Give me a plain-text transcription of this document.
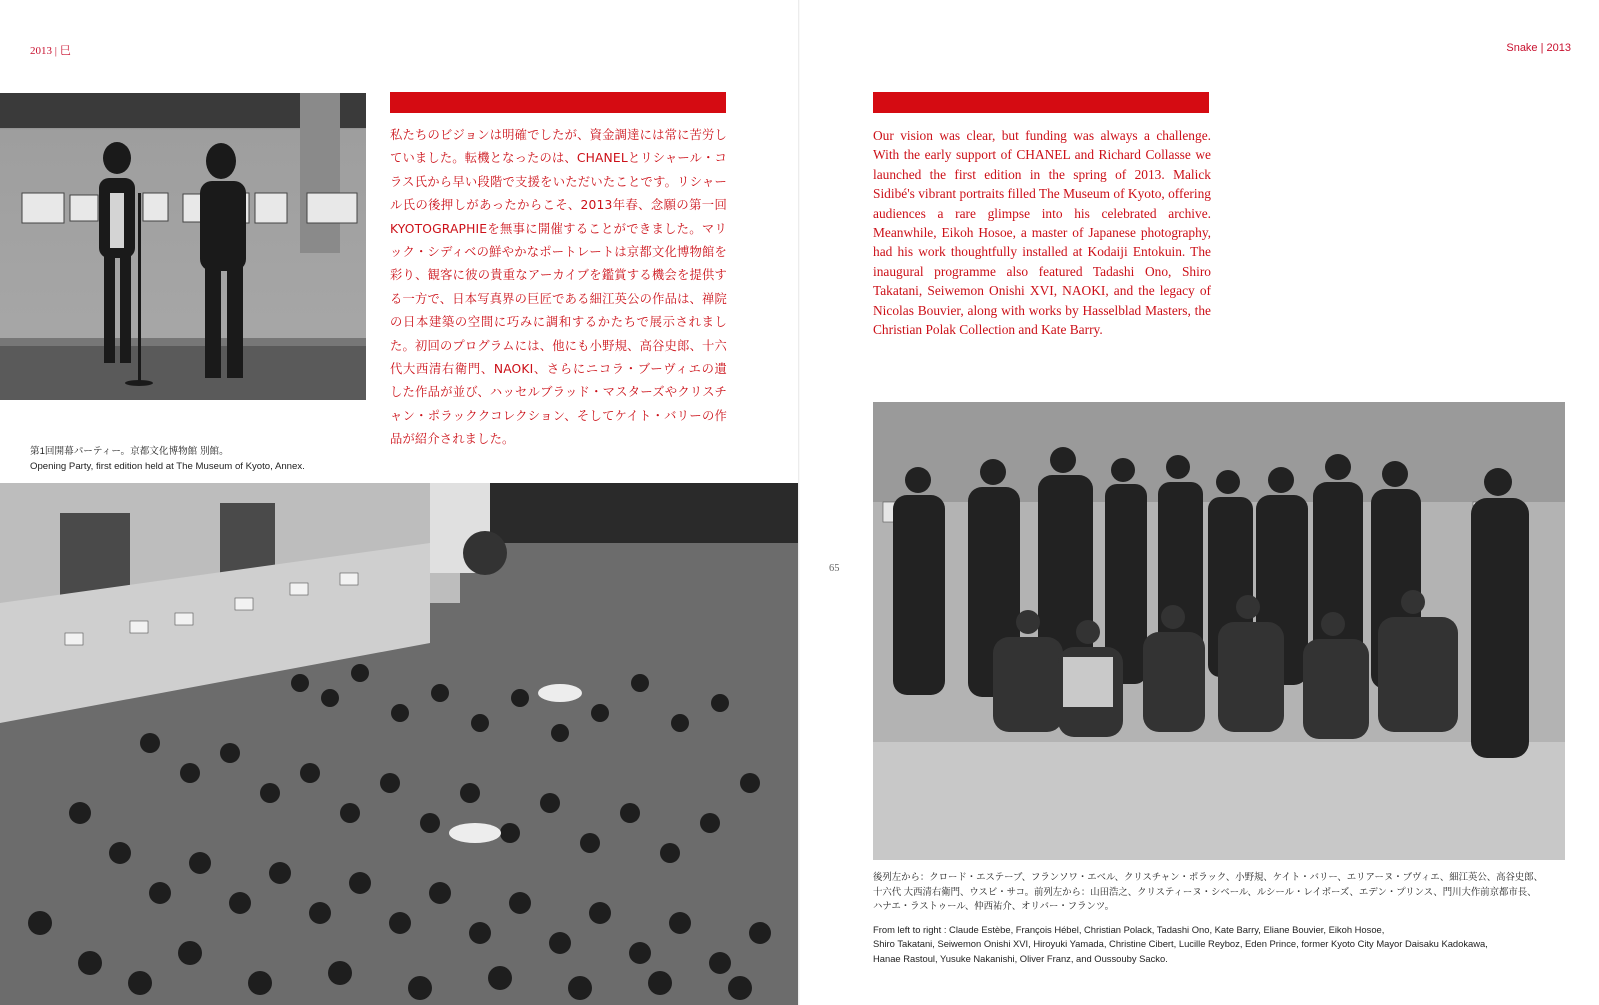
2013 | 巳	Snake | 2013
第1回開幕パーティー。京都文化博物館 別館。
Opening Party, first edition held at The Museum of Kyoto, Annex.
私たちのビジョンは明確でしたが、資金調達には常に苦労していました。転機となったのは、CHANELとリシャール・コラス氏から早い段階で支援をいただいたことです。リシャール氏の後押しがあったからこそ、2013年春、念願の第一回KYOTOGRAPHIEを無事に開催することができました。マリック・シディベの鮮やかなポートレートは京都文化博物館を彩り、観客に彼の貴重なアーカイブを鑑賞する機会を提供する一方で、日本写真界の巨匠である細江英公の作品は、禅院の日本建築の空間に巧みに調和するかたちで展示されました。初回のプログラムには、他にも小野規、高谷史郎、十六代大西清右衛門、NAOKI、さらにニコラ・ブーヴィエの遺した作品が並び、ハッセルブラッド・マスターズやクリスチャン・ポラッククコレクション、そしてケイト・バリーの作品が紹介されました。
Our vision was clear, but funding was always a challenge. With the early support of CHANEL and Richard Collasse we launched the first edition in the spring of 2013. Malick Sidibé's vibrant portraits filled The Museum of Kyoto, offering audiences a rare glimpse into his celebrated archive. Meanwhile, Eikoh Hosoe, a master of Japanese photography, had his work thoughtfully installed at Kodaiji Entokuin. The inaugural programme also featured Tadashi Ono, Shiro Takatani, Seiwemon Onishi XVI, NAOKI, and the legacy of Nicolas Bouvier, along with works by Hasselblad Masters, the Christian Polak Collection and Kate Barry.
65
後列左から：クロード・エステーブ、フランソワ・エベル、クリスチャン・ポラック、小野規、ケイト・バリー、エリアーヌ・ブヴィエ、細江英公、高谷史郎、
十六代 大西清右衛門、ウスビ・サコ。前列左から：山田浩之、クリスティーヌ・シベール、ルシール・レイボーズ、エデン・プリンス、門川大作前京都市長、
ハナエ・ラストゥール、仲西祐介、オリバー・フランツ。
From left to right : Claude Estèbe, François Hébel, Christian Polack, Tadashi Ono, Kate Barry, Eliane Bouvier, Eikoh Hosoe,
Shiro Takatani, Seiwemon Onishi XVI, Hiroyuki Yamada, Christine Cibert, Lucille Reyboz, Eden Prince, former Kyoto City Mayor Daisaku Kadokawa,
Hanae Rastoul, Yusuke Nakanishi, Oliver Franz, and Oussouby Sacko.
